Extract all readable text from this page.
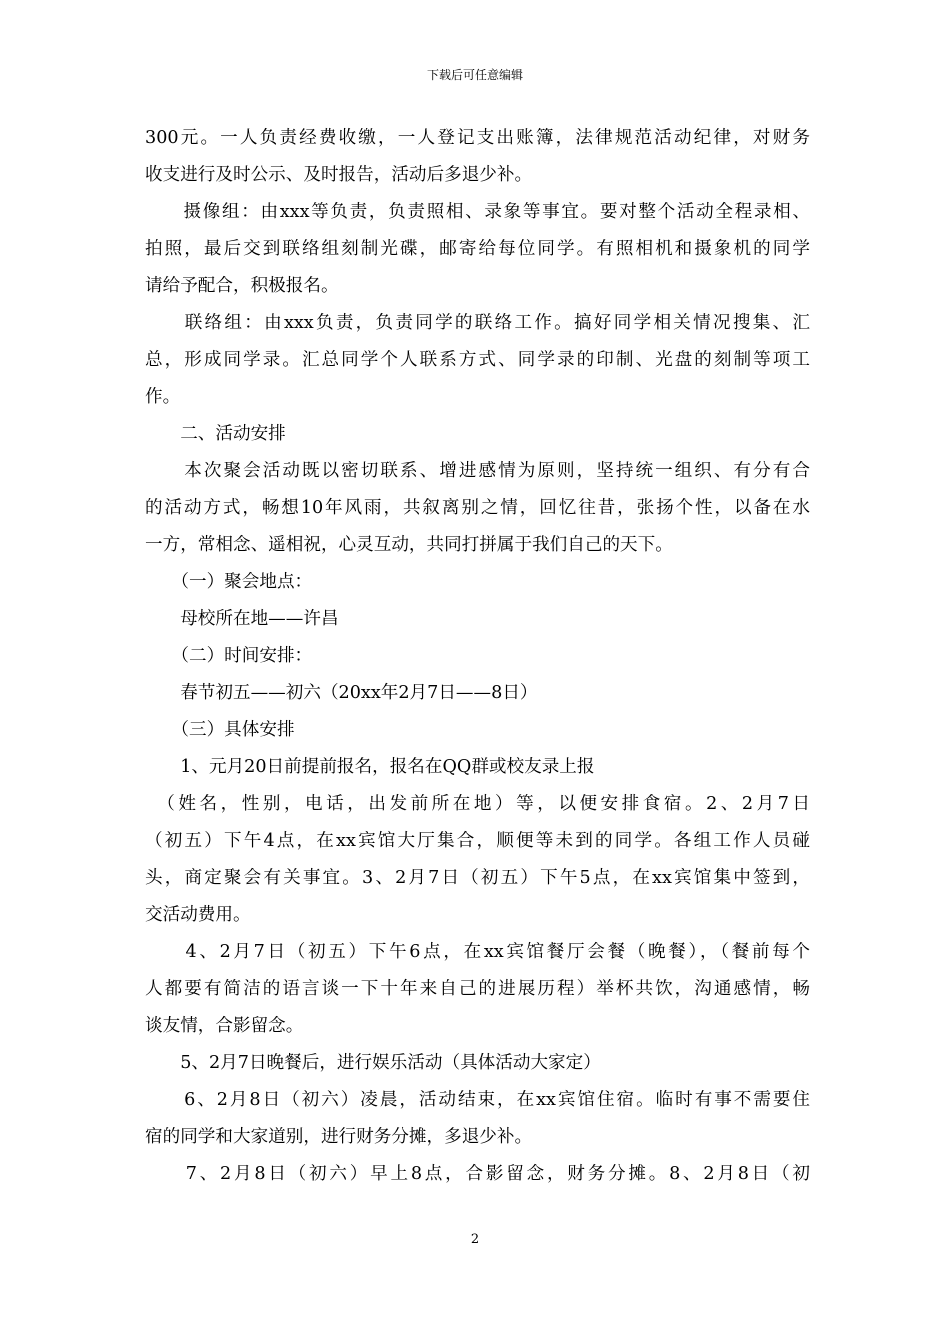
下载后可任意编辑
300元。一人负责经费收缴，一人登记支出账簿，法律规范活动纪律，对财务
收支进行及时公示、及时报告，活动后多退少补。
　　摄像组：由xxx等负责，负责照相、录象等事宜。要对整个活动全程录相、
拍照，最后交到联络组刻制光碟，邮寄给每位同学。有照相机和摄象机的同学
请给予配合，积极报名。
　　联络组：由xxx负责，负责同学的联络工作。搞好同学相关情况搜集、汇
总，形成同学录。汇总同学个人联系方式、同学录的印制、光盘的刻制等项工
作。
　　二、活动安排
　　本次聚会活动既以密切联系、增进感情为原则，坚持统一组织、有分有合
的活动方式，畅想10年风雨，共叙离别之情，回忆往昔，张扬个性，以备在水
一方，常相念、遥相祝，心灵互动，共同打拼属于我们自己的天下。
　　（一）聚会地点：
　　母校所在地——许昌
　　（二）时间安排：
　　春节初五——初六（20xx年2月7日——8日）
　　（三）具体安排
　　1、元月20日前提前报名，报名在QQ群或校友录上报
　（姓名，性别，电话，出发前所在地）等，以便安排食宿。2、2月7日
（初五）下午4点，在xx宾馆大厅集合，顺便等未到的同学。各组工作人员碰
头，商定聚会有关事宜。3、2月7日（初五）下午5点，在xx宾馆集中签到，
交活动费用。
　　4、2月7日（初五）下午6点，在xx宾馆餐厅会餐（晚餐），（餐前每个
人都要有简洁的语言谈一下十年来自己的进展历程）举杯共饮，沟通感情，畅
谈友情，合影留念。
　　5、2月7日晚餐后，进行娱乐活动（具体活动大家定）
　　6、2月8日（初六）凌晨，活动结束，在xx宾馆住宿。临时有事不需要住
宿的同学和大家道别，进行财务分摊，多退少补。
　　7、2月8日（初六）早上8点，合影留念，财务分摊。8、2月8日（初
2
